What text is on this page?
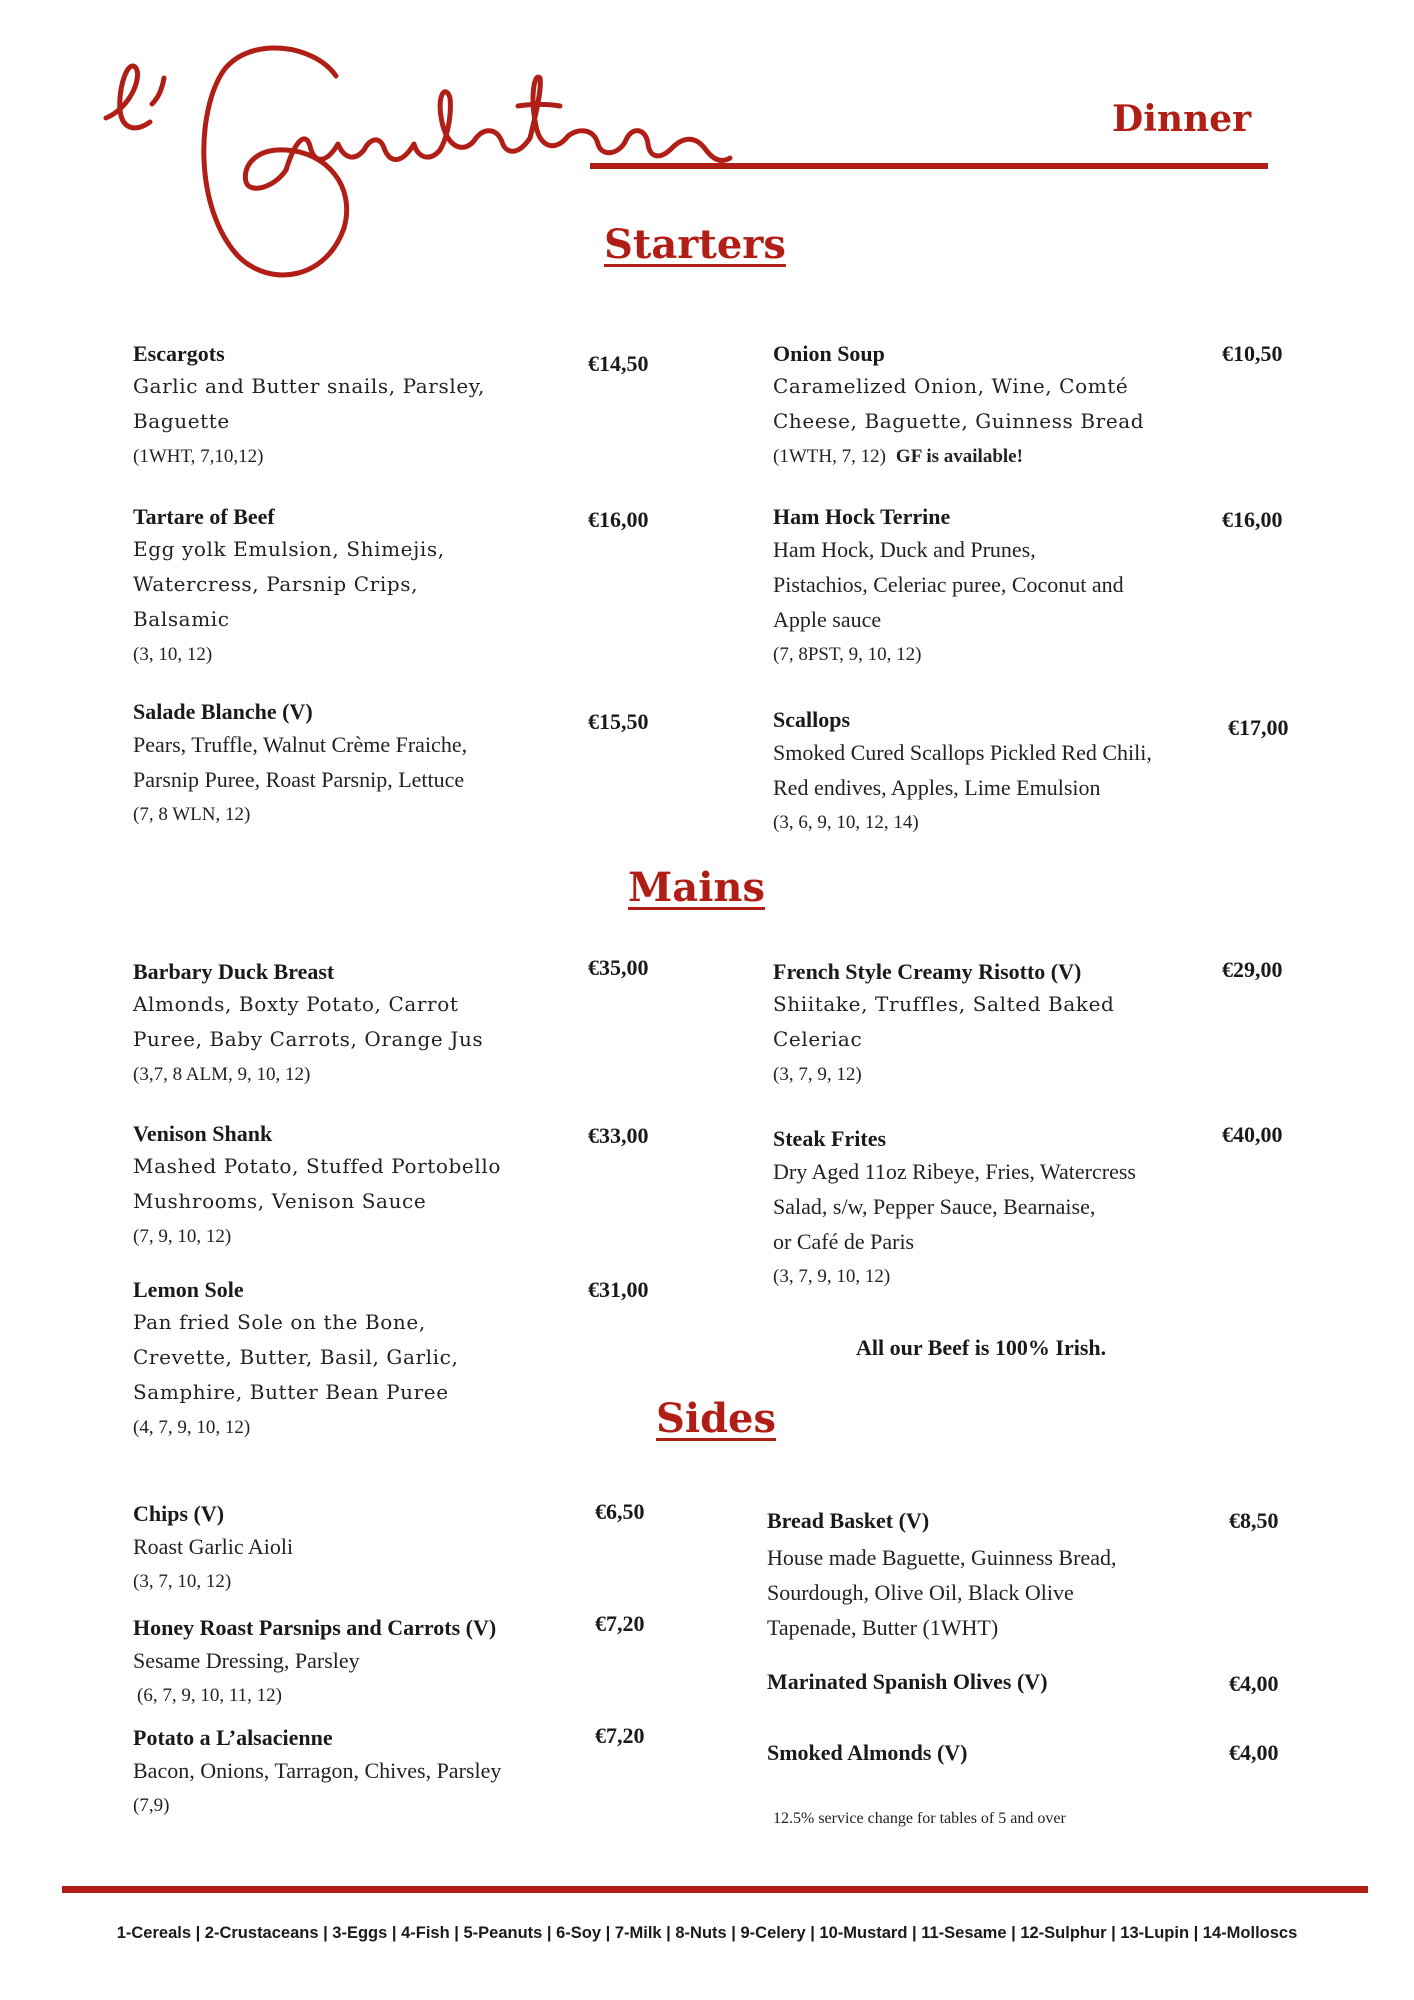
Dinner
Starters
Escargots
Garlic and Butter snails, Parsley,
Baguette
(1WHT, 7,10,12)
€14,50
Tartare of Beef
Egg yolk Emulsion, Shimejis,
Watercress, Parsnip Crips,
Balsamic
(3, 10, 12)
€16,00
Salade Blanche (V)
Pears, Truffle, Walnut Crème Fraiche,
Parsnip Puree, Roast Parsnip, Lettuce
(7, 8 WLN, 12)
€15,50
Onion Soup
Caramelized Onion, Wine, Comté
Cheese, Baguette, Guinness Bread
(1WTH, 7, 12) GF is available!
€10,50
Ham Hock Terrine
Ham Hock, Duck and Prunes,
Pistachios, Celeriac puree, Coconut and
Apple sauce
(7, 8PST, 9, 10, 12)
€16,00
Scallops
Smoked Cured Scallops Pickled Red Chili,
Red endives, Apples, Lime Emulsion
(3, 6, 9, 10, 12, 14)
€17,00
Mains
Barbary Duck Breast
Almonds, Boxty Potato, Carrot
Puree, Baby Carrots, Orange Jus
(3,7, 8 ALM, 9, 10, 12)
€35,00
Venison Shank
Mashed Potato, Stuffed Portobello
Mushrooms, Venison Sauce
(7, 9, 10, 12)
€33,00
Lemon Sole
Pan fried Sole on the Bone,
Crevette, Butter, Basil, Garlic,
Samphire, Butter Bean Puree
(4, 7, 9, 10, 12)
€31,00
French Style Creamy Risotto (V)
Shiitake, Truffles, Salted Baked
Celeriac
(3, 7, 9, 12)
€29,00
Steak Frites
Dry Aged 11oz Ribeye, Fries, Watercress
Salad, s/w, Pepper Sauce, Bearnaise,
or Café de Paris
(3, 7, 9, 10, 12)
€40,00
All our Beef is 100% Irish.
Sides
Chips (V)
Roast Garlic Aioli
(3, 7, 10, 12)
€6,50
Honey Roast Parsnips and Carrots (V)
Sesame Dressing, Parsley
(6, 7, 9, 10, 11, 12)
€7,20
Potato a L’alsacienne
Bacon, Onions, Tarragon, Chives, Parsley
(7,9)
€7,20
Bread Basket (V)
House made Baguette, Guinness Bread,
Sourdough, Olive Oil, Black Olive
Tapenade, Butter (1WHT)
€8,50
Marinated Spanish Olives (V)	€4,00
Smoked Almonds (V)	€4,00
12.5% service change for tables of 5 and over
1-Cereals | 2-Crustaceans | 3-Eggs | 4-Fish | 5-Peanuts | 6-Soy | 7-Milk | 8-Nuts | 9-Celery | 10-Mustard | 11-Sesame | 12-Sulphur | 13-Lupin | 14-Molloscs
